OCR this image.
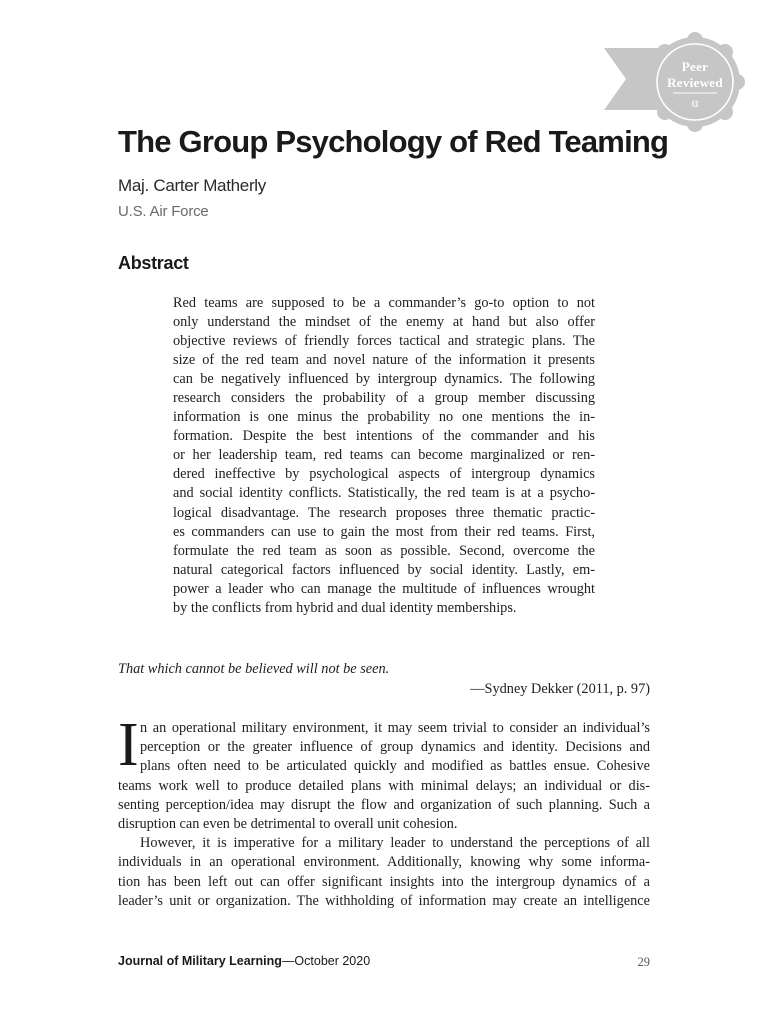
Peer
Reviewed
ɞ
The Group Psychology of Red Teaming
Maj. Carter Matherly
U.S. Air Force
Abstract
Red teams are supposed to be a commander’s go-to option to not
only understand the mindset of the enemy at hand but also offer
objective reviews of friendly forces tactical and strategic plans. The
size of the red team and novel nature of the information it presents
can be negatively influenced by intergroup dynamics. The following
research considers the probability of a group member discussing
information is one minus the probability no one mentions the in-
formation. Despite the best intentions of the commander and his
or her leadership team, red teams can become marginalized or ren-
dered ineffective by psychological aspects of intergroup dynamics
and social identity conflicts. Statistically, the red team is at a psycho-
logical disadvantage. The research proposes three thematic practic-
es commanders can use to gain the most from their red teams. First,
formulate the red team as soon as possible. Second, overcome the
natural categorical factors influenced by social identity. Lastly, em-
power a leader who can manage the multitude of influences wrought
by the conflicts from hybrid and dual identity memberships.
That which cannot be believed will not be seen.
—Sydney Dekker (2011, p. 97)
I n an operational military environment, it may seem trivial to consider an individual’s
perception or the greater influence of group dynamics and identity. Decisions and
plans often need to be articulated quickly and modified as battles ensue. Cohesive
teams work well to produce detailed plans with minimal delays; an individual or dis-
senting perception/idea may disrupt the flow and organization of such planning. Such a
disruption can even be detrimental to overall unit cohesion.
However, it is imperative for a military leader to understand the perceptions of all
individuals in an operational environment. Additionally, knowing why some informa-
tion has been left out can offer significant insights into the intergroup dynamics of a
leader’s unit or organization. The withholding of information may create an intelligence
Journal of Military Learning—October 2020	29
